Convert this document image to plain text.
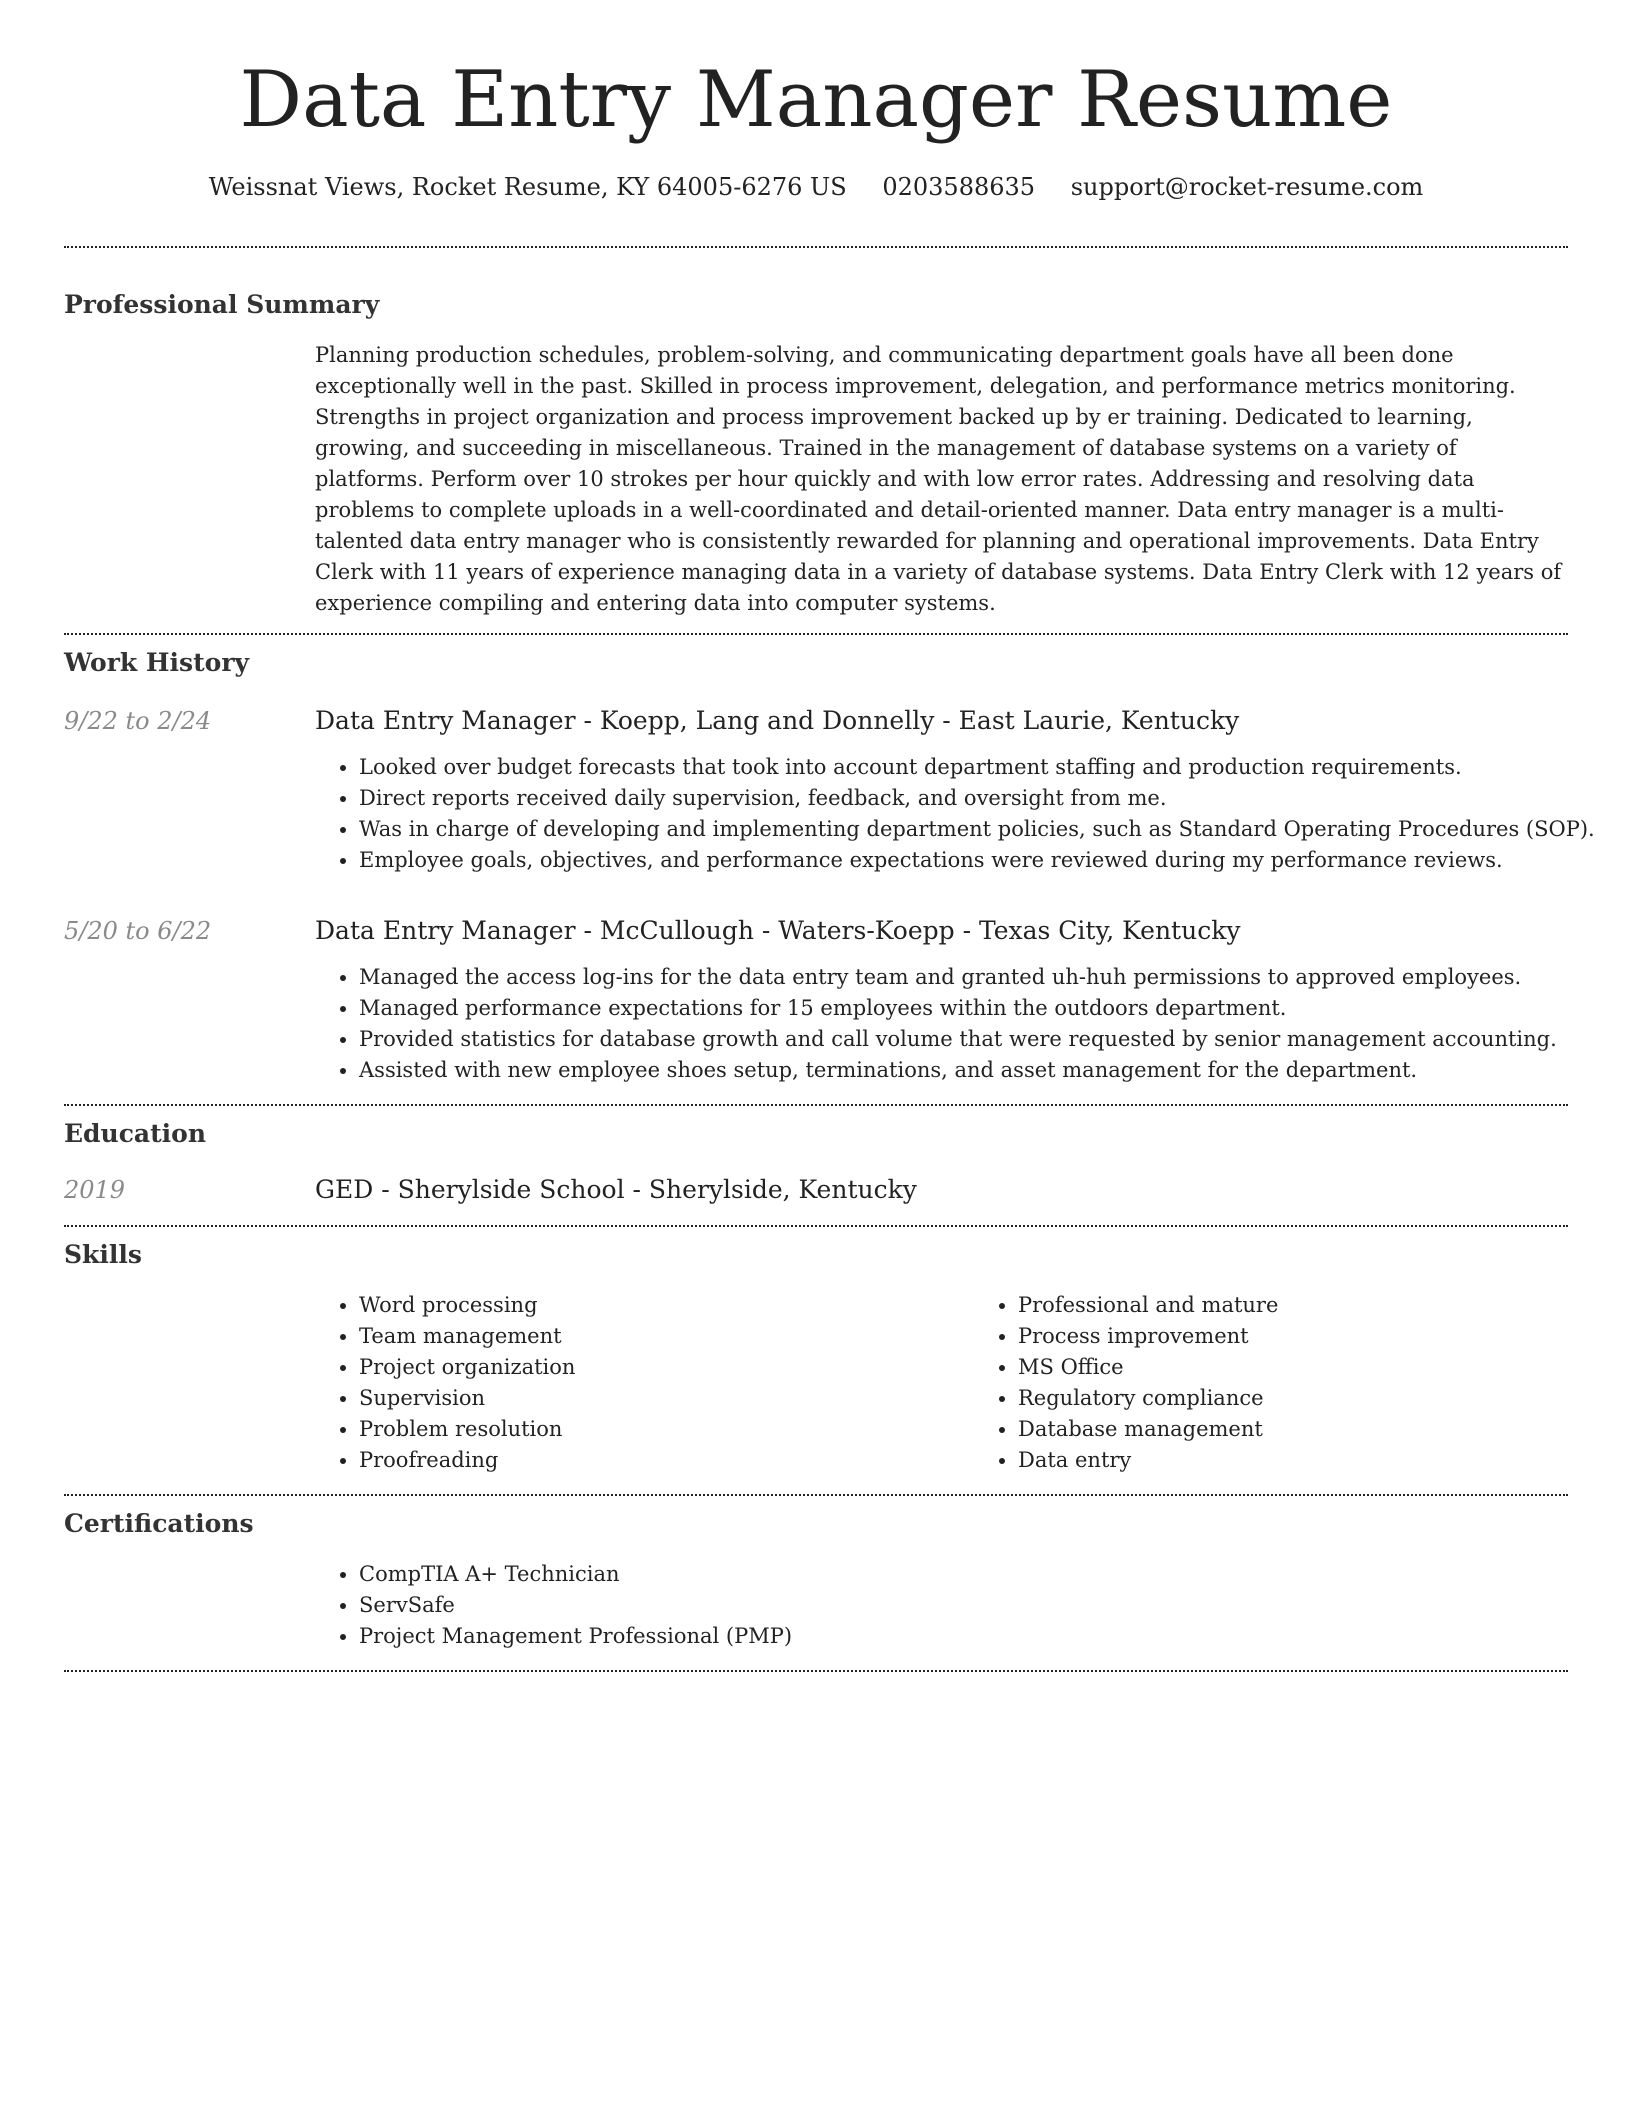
Data Entry Manager Resume
Weissnat Views, Rocket Resume, KY 64005-6276 US 0203588635 support@rocket-resume.com
Professional Summary

Planning production schedules, problem-solving, and communicating department goals have all been done exceptionally well in the past. Skilled in process improvement, delegation, and performance metrics monitoring. Strengths in project organization and process improvement backed up by er training. Dedicated to learning, growing, and succeeding in miscellaneous. Trained in the management of database systems on a variety of platforms. Perform over 10 strokes per hour quickly and with low error rates. Addressing and resolving data problems to complete uploads in a well-coordinated and detail-oriented manner. Data entry manager is a multi-talented data entry manager who is consistently rewarded for planning and operational improvements. Data Entry Clerk with 11 years of experience managing data in a variety of database systems. Data Entry Clerk with 12 years of experience compiling and entering data into computer systems.

Work History
9/22 to 2/24	Data Entry Manager - Koepp, Lang and Donnelly - East Laurie, Kentucky
• Looked over budget forecasts that took into account department staffing and production requirements.
• Direct reports received daily supervision, feedback, and oversight from me.
• Was in charge of developing and implementing department policies, such as Standard Operating Procedures (SOP).
• Employee goals, objectives, and performance expectations were reviewed during my performance reviews.
5/20 to 6/22	Data Entry Manager - McCullough - Waters-Koepp - Texas City, Kentucky
• Managed the access log-ins for the data entry team and granted uh-huh permissions to approved employees.
• Managed performance expectations for 15 employees within the outdoors department.
• Provided statistics for database growth and call volume that were requested by senior management accounting.
• Assisted with new employee shoes setup, terminations, and asset management for the department.
Education
2019	GED - Sherylside School - Sherylside, Kentucky
Skills
• Word processing
• Team management
• Project organization
• Supervision
• Problem resolution
• Proofreading
• Professional and mature
• Process improvement
• MS Office
• Regulatory compliance
• Database management
• Data entry
Certifications
• CompTIA A+ Technician
• ServSafe
• Project Management Professional (PMP)
